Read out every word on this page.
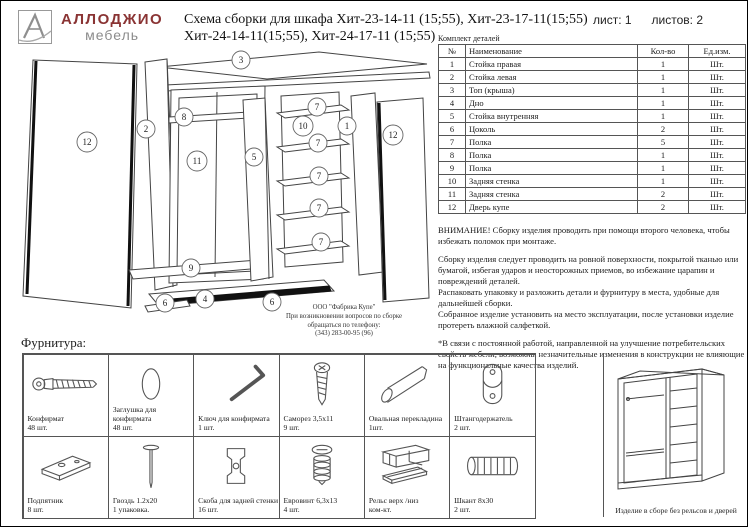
АЛЛОДЖИО
мебель
Схема сборки для шкафа Хит-23-14-11 (15;55), Хит-23-17-11(15;55)
Хит-24-14-11(15;55), Хит-24-17-11 (15;55)
лист: 1 листов: 2
Комплект деталей
№	Наименование	Кол-во	Ед.изм.
1	Стойка правая	1	Шт.
2	Стойка левая	1	Шт.
3	Топ (крыша)	1	Шт.
4	Дно	1	Шт.
5	Стойка внутренняя	1	Шт.
6	Цоколь	2	Шт.
7	Полка	5	Шт.
8	Полка	1	Шт.
9	Полка	1	Шт.
10	Задняя стенка	1	Шт.
11	Задняя стенка	2	Шт.
12	Дверь купе	2	Шт.

ВНИМАНИЕ! Сборку изделия проводить при помощи второго человека, чтобы избежать поломок при монтаже.

Сборку изделия следует проводить на ровной поверхности, покрытой тканью или бумагой, избегая ударов и неосторожных приемов, во избежание царапин и повреждений деталей.

Распаковать упаковку и разложить детали и фурнитуру в места, удобные для дальнейшей сборки.

Собранное изделие установить на место эксплуатации, после установки изделие протереть влажной салфеткой.

*В связи с постоянной работой, направленной на улучшение потребительских свойств мебели, возможны незначительные изменения в конструкции не влияющие на функциональные качества изделий.

ООО "Фабрика Купе"
При возникновении вопросов по сборке
обращаться по телефону:
(343) 283-00-95 (96)
3
12
2
8
11
9
5
7
7
7
7
7
10	1
12
6	4	6
Фурнитура:
Конфирмат
48 шт.
Заглушка для конфирмата
48 шт.
Ключ для конфирмата
1 шт.
Саморез 3,5х11
9 шт.
Овальная перекладина
1шт.
Штангодержатель
2 шт.
Подпятник
8 шт.
Гвоздь 1.2х20
1 упаковка.
Скоба для задней стенки
16 шт.
Евровинт 6,3х13
4 шт.
Рельс верх /низ
ком-кт.
Шкант 8х30
2 шт.	Изделие в сборе без рельсов и дверей
